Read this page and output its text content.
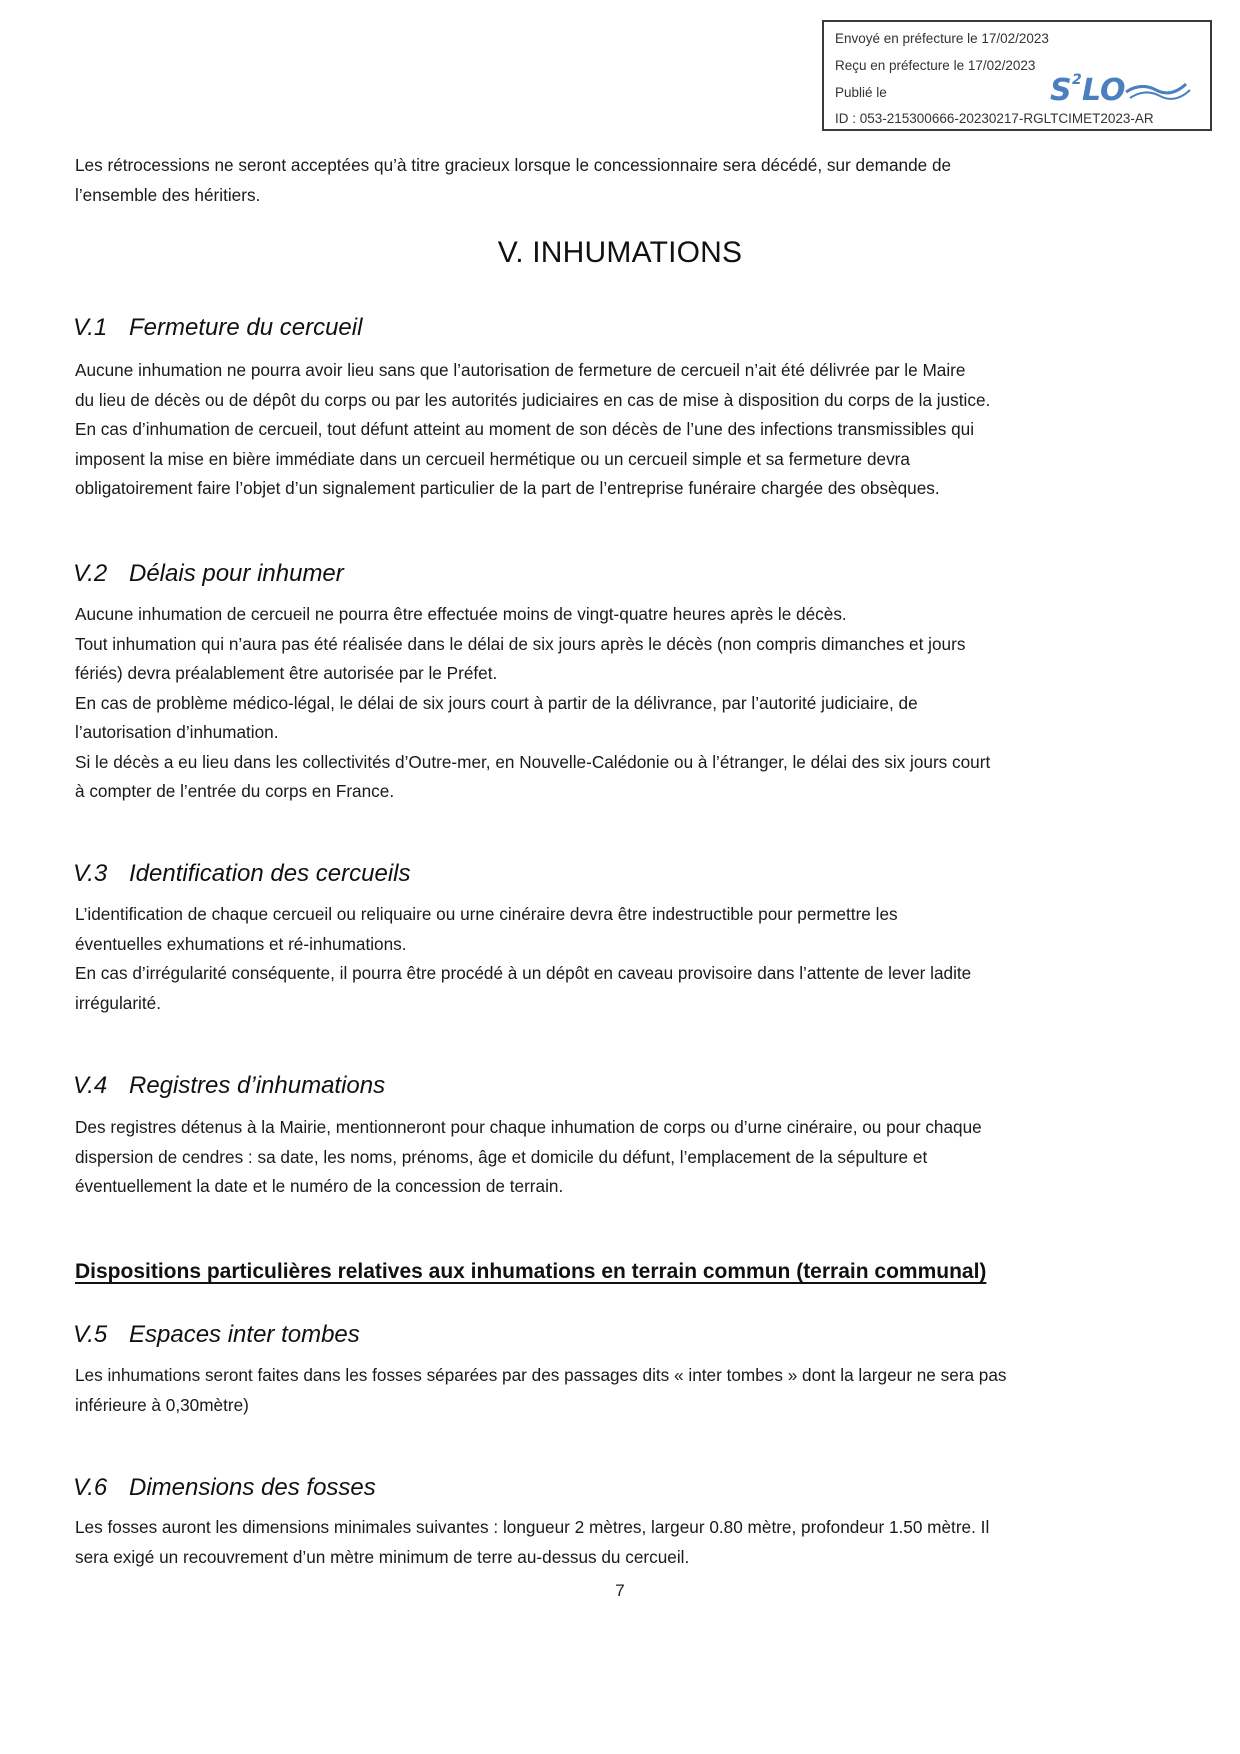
Envoyé en préfecture le 17/02/2023
Reçu en préfecture le 17/02/2023
Publié le
ID : 053-215300666-20230217-RGLTCIMET2023-AR
S 2 LO

Les rétrocessions ne seront acceptées qu’à titre gracieux lorsque le concessionnaire sera décédé, sur demande de
l’ensemble des héritiers.

V. INHUMATIONS
V.1 Fermeture du cercueil

Aucune inhumation ne pourra avoir lieu sans que l’autorisation de fermeture de cercueil n’ait été délivrée par le Maire
du lieu de décès ou de dépôt du corps ou par les autorités judiciaires en cas de mise à disposition du corps de la justice.
En cas d’inhumation de cercueil, tout défunt atteint au moment de son décès de l’une des infections transmissibles qui
imposent la mise en bière immédiate dans un cercueil hermétique ou un cercueil simple et sa fermeture devra
obligatoirement faire l’objet d’un signalement particulier de la part de l’entreprise funéraire chargée des obsèques.

V.2 Délais pour inhumer

Aucune inhumation de cercueil ne pourra être effectuée moins de vingt-quatre heures après le décès.
Tout inhumation qui n’aura pas été réalisée dans le délai de six jours après le décès (non compris dimanches et jours
fériés) devra préalablement être autorisée par le Préfet.
En cas de problème médico-légal, le délai de six jours court à partir de la délivrance, par l’autorité judiciaire, de
l’autorisation d’inhumation.
Si le décès a eu lieu dans les collectivités d’Outre-mer, en Nouvelle-Calédonie ou à l’étranger, le délai des six jours court
à compter de l’entrée du corps en France.

V.3 Identification des cercueils

L’identification de chaque cercueil ou reliquaire ou urne cinéraire devra être indestructible pour permettre les
éventuelles exhumations et ré-inhumations.
En cas d’irrégularité conséquente, il pourra être procédé à un dépôt en caveau provisoire dans l’attente de lever ladite
irrégularité.

V.4 Registres d’inhumations

Des registres détenus à la Mairie, mentionneront pour chaque inhumation de corps ou d’urne cinéraire, ou pour chaque
dispersion de cendres : sa date, les noms, prénoms, âge et domicile du défunt, l’emplacement de la sépulture et
éventuellement la date et le numéro de la concession de terrain.

Dispositions particulières relatives aux inhumations en terrain commun (terrain communal)
V.5 Espaces inter tombes

Les inhumations seront faites dans les fosses séparées par des passages dits « inter tombes » dont la largeur ne sera pas
inférieure à 0,30mètre)

V.6 Dimensions des fosses

Les fosses auront les dimensions minimales suivantes : longueur 2 mètres, largeur 0.80 mètre, profondeur 1.50 mètre. Il
sera exigé un recouvrement d’un mètre minimum de terre au-dessus du cercueil.

7
